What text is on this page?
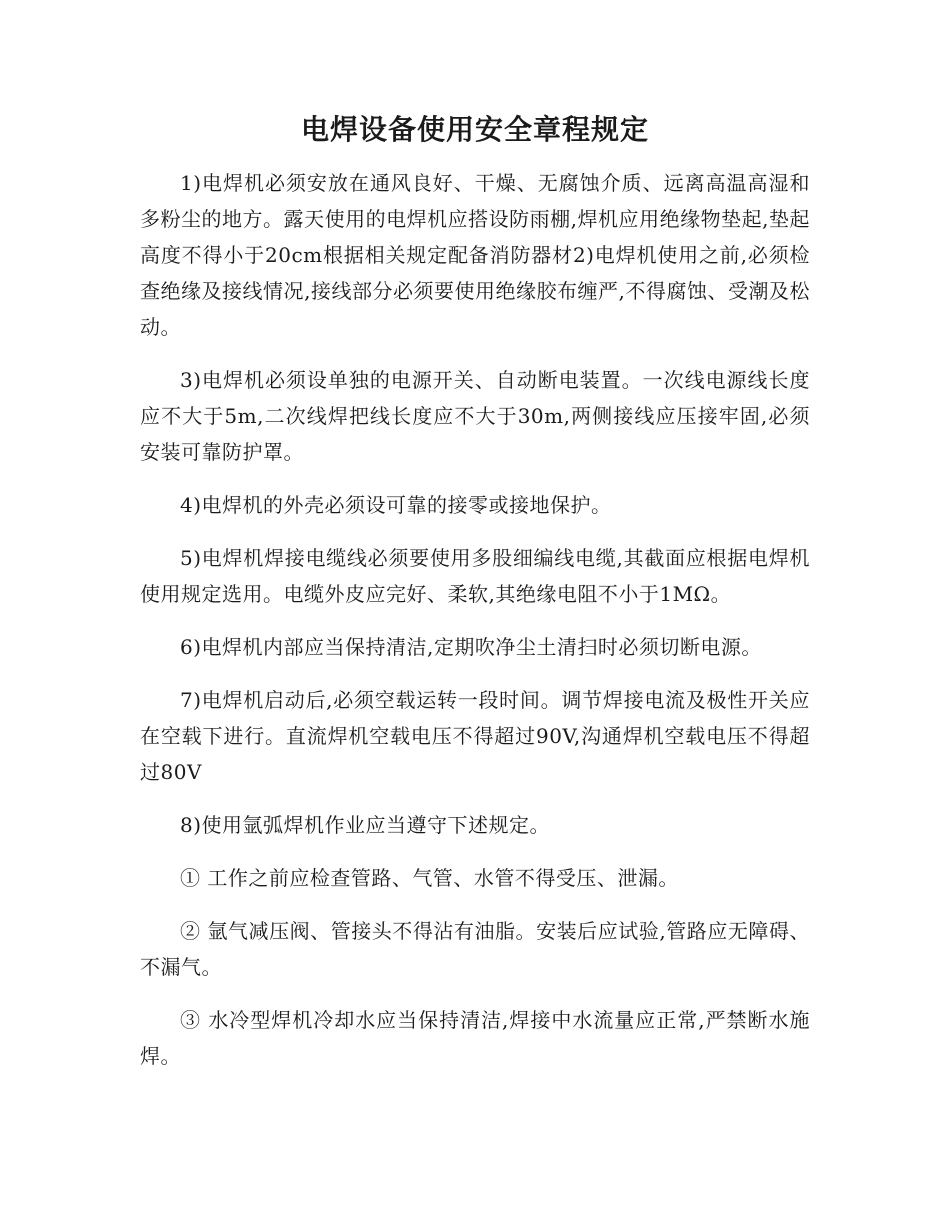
电焊设备使用安全章程规定

1)电焊机必须安放在通风良好、干燥、无腐蚀介质、远离高温高湿和多粉尘的地方。露天使用的电焊机应搭设防雨棚,焊机应用绝缘物垫起,垫起高度不得小于20cm根据相关规定配备消防器材2)电焊机使用之前,必须检查绝缘及接线情况,接线部分必须要使用绝缘胶布缠严,不得腐蚀、受潮及松动。

3)电焊机必须设单独的电源开关、自动断电装置。一次线电源线长度应不大于5m,二次线焊把线长度应不大于30m,两侧接线应压接牢固,必须安装可靠防护罩。

4)电焊机的外壳必须设可靠的接零或接地保护。

5)电焊机焊接电缆线必须要使用多股细编线电缆,其截面应根据电焊机使用规定选用。电缆外皮应完好、柔软,其绝缘电阻不小于1MΩ。

6)电焊机内部应当保持清洁,定期吹净尘土清扫时必须切断电源。

7)电焊机启动后,必须空载运转一段时间。调节焊接电流及极性开关应在空载下进行。直流焊机空载电压不得超过90V,沟通焊机空载电压不得超过80V

8)使用氩弧焊机作业应当遵守下述规定。

① 工作之前应检查管路、气管、水管不得受压、泄漏。

② 氩气减压阀、管接头不得沾有油脂。安装后应试验,管路应无障碍、不漏气。

③ 水冷型焊机冷却水应当保持清洁,焊接中水流量应正常,严禁断水施焊。
